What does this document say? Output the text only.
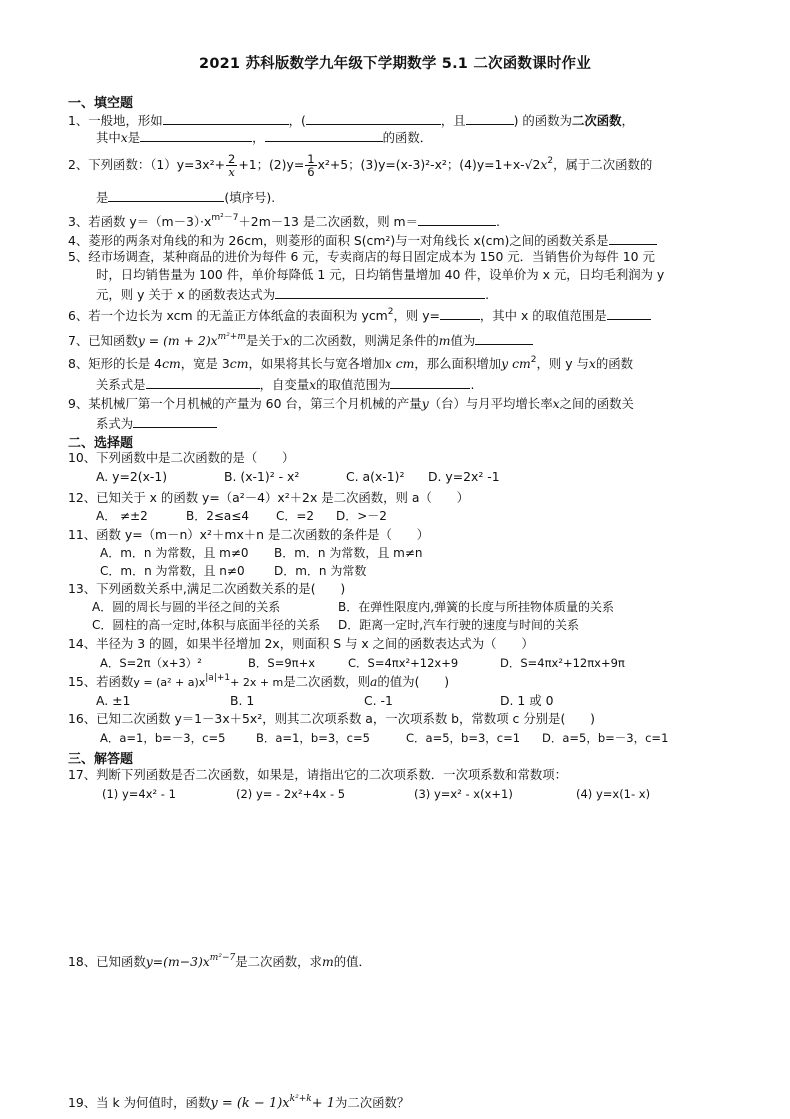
2021 苏科版数学九年级下学期数学 5.1 二次函数课时作业
一、填空题
1、一般地，形如	，(	，且	) 的函数为二次函数，
其中x是	，	的函数．
2、下列函数：$(1)y=3x^2+ \frac{2}{x} +1$；$(2)y= \frac{1}{6} x^2+5$；(3)y=(x-3)²-x²；$(4)y=1+x-√2x^2$，属于二次函数的
是	(填序号).
3、若函数 $y=(m-3)\cdot x^{m^2-7}+2m-13$ 是二次函数，则 m＝	.
4、菱形的两条对角线的和为 26cm，则菱形的面积 S(cm²)与一对角线长 x(cm)之间的函数关系是
5、经市场调查，某种商品的进价为每件 6 元，专卖商店的每日固定成本为 150 元．当销售价为每件 10 元
时，日均销售量为 100 件，单价每降低 1 元，日均销售量增加 40 件，设单价为 x 元，日均毛利润为 y
元，则 y 关于 x 的函数表达式为	.
6、若一个边长为 xcm 的无盖正方体纸盒的表面积为 ycm$^2$，则 y=	，其中 x 的取值范围是
7、已知函数$y = (m + 2)x^{m^2+m}$是关于x的二次函数，则满足条件的m值为
8、矩形的长是 4cm，宽是 3cm，如果将其长与宽各增加x cm，那么面积增加y $cm^2$，则 y 与x的函数
关系式是	，自变量x的取值范围为	.
9、某机械厂第一个月机械的产量为 60 台，第三个月机械的产量y（台）与月平均增长率x之间的函数关
系式为
二、选择题
10、下列函数中是二次函数的是（　　）
A. y=2(x-1)	B. (x-1)² - x²	C. a(x-1)² D. y=2x² -1
12、已知关于 x 的函数 y=（a²－4）x²＋2x 是二次函数，则 a（　　）
A． ≠±2	B．2≤a≤4 C．=2 D．>－2
11、函数 y=（m－n）x²＋mx＋n 是二次函数的条件是（　　）
A．m．n 为常数，且 m≠0 B．m．n 为常数，且 m≠n
C．m．n 为常数，且 n≠0 D．m．n 为常数
13、下列函数关系中,满足二次函数关系的是(　　)
A．圆的周长与圆的半径之间的关系	B．在弹性限度内,弹簧的长度与所挂物体质量的关系
C．圆柱的高一定时,体积与底面半径的关系 D．距离一定时,汽车行驶的速度与时间的关系
14、半径为 3 的圆，如果半径增加 2x，则面积 S 与 x 之间的函数表达式为（　　）
A．S=2π（x+3）²	B．S=9π+x	C．S=4πx²+12x+9	D．S=4πx²+12πx+9π
15、若函数$y = (a^2 + a)x^{|a|+1}+ 2x + m$是二次函数，则a的值为(　　)
A. ±1	B. 1	C. -1	D. 1 或 0
16、已知二次函数 y＝1－3x＋5x²，则其二次项系数 a，一次项系数 b，常数项 c 分别是(　　)
A．a=1，b=－3，c=5	B．a=1，b=3，c=5	C．a=5，b=3，c=1 D．a=5，b=－3，c=1
三、解答题
17、判断下列函数是否二次函数，如果是，请指出它的二次项系数．一次项系数和常数项：
(1) y=4x² - 1	(2) y= - 2x²+4x - 5	(3) y=x² - x(x+1)	(4) y=x(1- x)
18、已知函数$y=(m-3)x^{m^2-7}$是二次函数，求m的值．
19、当 k 为何值时，函数$y = (k - 1)x^{k^2+k}+ 1$为二次函数？
